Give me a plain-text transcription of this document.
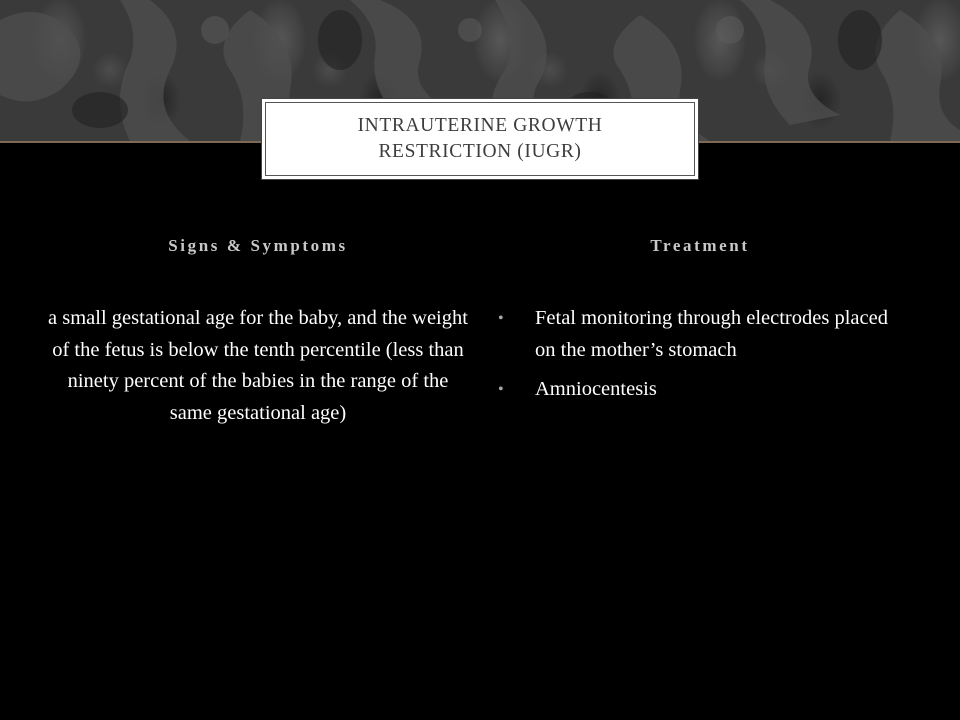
INTRAUTERINE GROWTH RESTRICTION (IUGR)
Signs & Symptoms	Treatment
a small gestational age for the baby, and the weight of the fetus is below the tenth percentile (less than ninety percent of the babies in the range of the same gestational age)
• Fetal monitoring through electrodes placed on the mother’s stomach
• Amniocentesis
